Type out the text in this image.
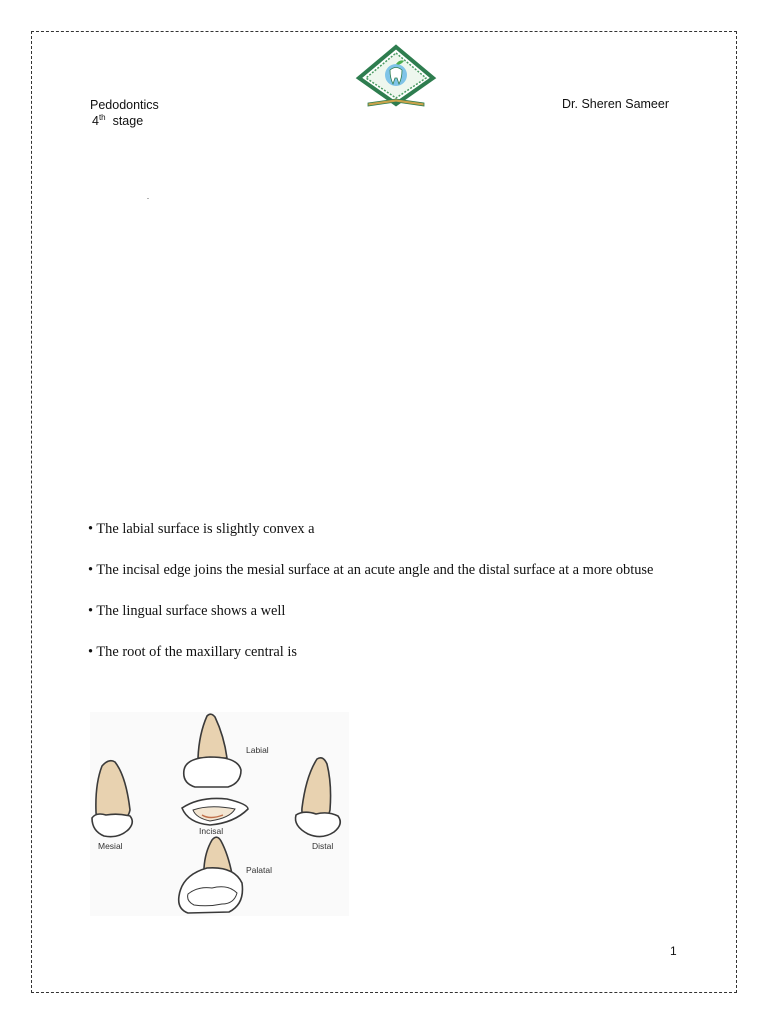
Pedodontics
4th stage
Dr. Sheren Sameer
.
• The labial surface is slightly convex a
• The incisal edge joins the mesial surface at an acute angle and the distal surface at a more obtuse
• The lingual surface shows a well
• The root of the maxillary central is
Labial
Incisal
Mesial	Distal
Palatal
1
